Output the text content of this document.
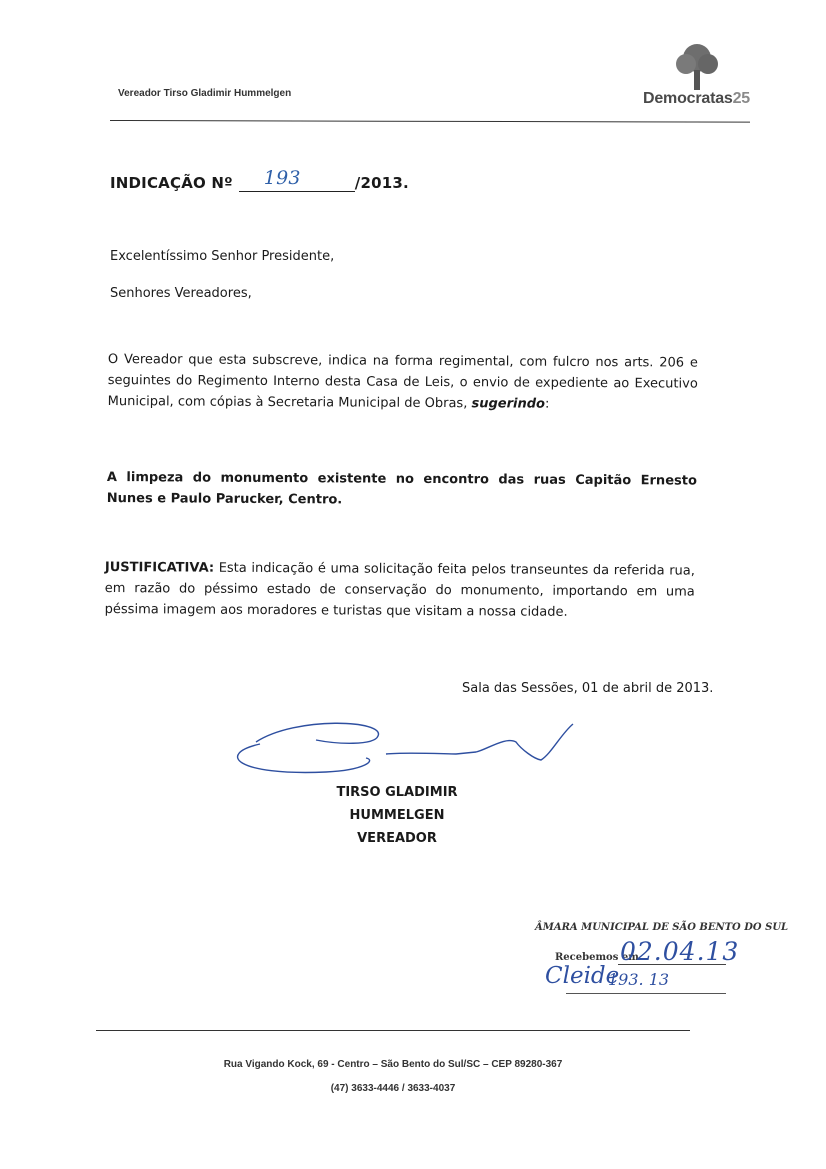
Vereador Tirso Gladimir Hummelgen	Democratas25
INDICAÇÃO Nº 193	/2013.
Excelentíssimo Senhor Presidente,
Senhores Vereadores,
O Vereador que esta subscreve, indica na forma regimental, com fulcro nos arts. 206 e seguintes do Regimento Interno desta Casa de Leis, o envio de expediente ao Executivo Municipal, com cópias à Secretaria Municipal de Obras, sugerindo:
A limpeza do monumento existente no encontro das ruas Capitão Ernesto Nunes e Paulo Parucker, Centro.
JUSTIFICATIVA: Esta indicação é uma solicitação feita pelos transeuntes da referida rua, em razão do péssimo estado de conservação do monumento, importando em uma péssima imagem aos moradores e turistas que visitam a nossa cidade.
Sala das Sessões, 01 de abril de 2013.
TIRSO GLADIMIR HUMMELGEN
VEREADOR
ÂMARA MUNICIPAL DE SÃO BENTO DO SUL
Recebemos em
02.04.13
Cleide
193. 13
Rua Vigando Kock, 69 - Centro – São Bento do Sul/SC – CEP 89280-367
(47) 3633-4446 / 3633-4037
